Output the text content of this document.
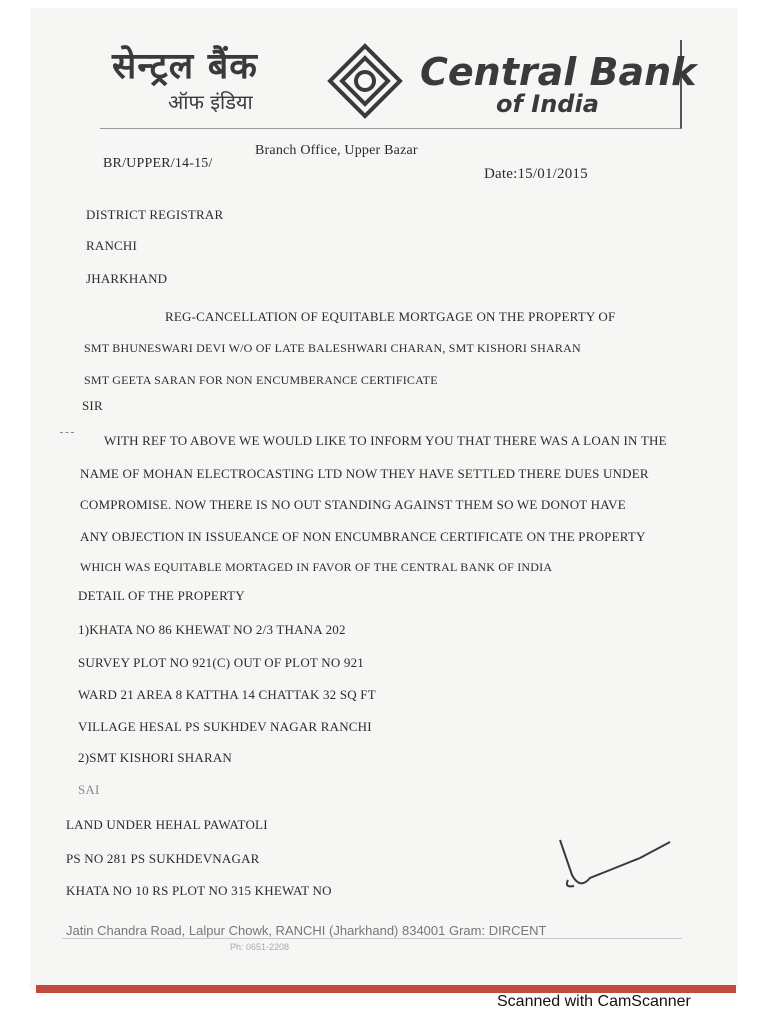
सेन्ट्रल बैंक
ऑफ इंडिया
Central Bank
of India
Branch Office, Upper Bazar
BR/UPPER/14-15/
Date:15/01/2015
DISTRICT REGISTRAR
RANCHI
JHARKHAND
REG-CANCELLATION OF EQUITABLE MORTGAGE ON THE PROPERTY OF
SMT BHUNESWARI DEVI W/O OF LATE BALESHWARI CHARAN, SMT KISHORI SHARAN
SMT GEETA SARAN FOR NON ENCUMBERANCE CERTIFICATE
SIR
WITH REF TO ABOVE WE WOULD LIKE TO INFORM YOU THAT THERE WAS A LOAN IN THE
NAME OF MOHAN ELECTROCASTING LTD NOW THEY HAVE SETTLED THERE DUES UNDER
COMPROMISE. NOW THERE IS NO OUT STANDING AGAINST THEM SO WE DONOT HAVE
ANY OBJECTION IN ISSUEANCE OF NON ENCUMBRANCE CERTIFICATE ON THE PROPERTY
WHICH WAS EQUITABLE MORTAGED IN FAVOR OF THE CENTRAL BANK OF INDIA
DETAIL OF THE PROPERTY
1)KHATA NO 86 KHEWAT NO 2/3 THANA 202
SURVEY PLOT NO 921(C) OUT OF PLOT NO 921
WARD 21 AREA 8 KATTHA 14 CHATTAK 32 SQ FT
VILLAGE HESAL PS SUKHDEV NAGAR RANCHI
2)SMT KISHORI SHARAN
SAI
LAND UNDER HEHAL PAWATOLI
PS NO 281 PS SUKHDEVNAGAR
KHATA NO 10 RS PLOT NO 315 KHEWAT NO
Jatin Chandra Road, Lalpur Chowk, RANCHI (Jharkhand) 834001 Gram: DIRCENT
Ph: 0651-2208
Scanned with CamScanner
